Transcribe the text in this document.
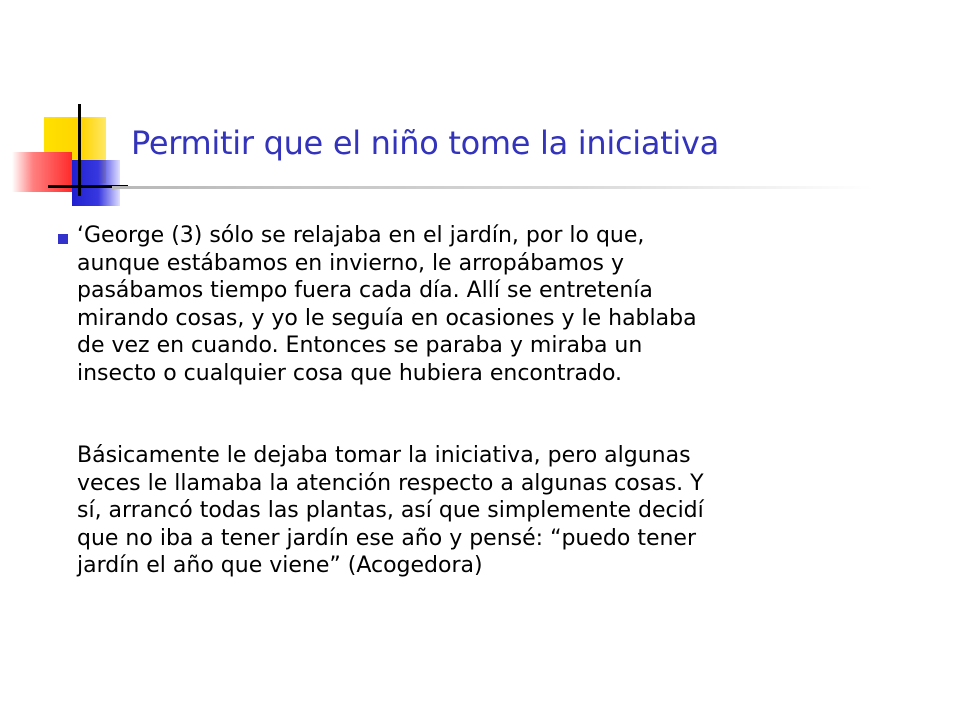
Permitir que el niño tome la iniciativa

‘George (3) sólo se relajaba en el jardín, por lo que,
aunque estábamos en invierno, le arropábamos y
pasábamos tiempo fuera cada día. Allí se entretenía
mirando cosas, y yo le seguía en ocasiones y le hablaba
de vez en cuando. Entonces se paraba y miraba un
insecto o cualquier cosa que hubiera encontrado.

Básicamente le dejaba tomar la iniciativa, pero algunas
veces le llamaba la atención respecto a algunas cosas. Y
sí, arrancó todas las plantas, así que simplemente decidí
que no iba a tener jardín ese año y pensé: “puedo tener
jardín el año que viene” (Acogedora)
